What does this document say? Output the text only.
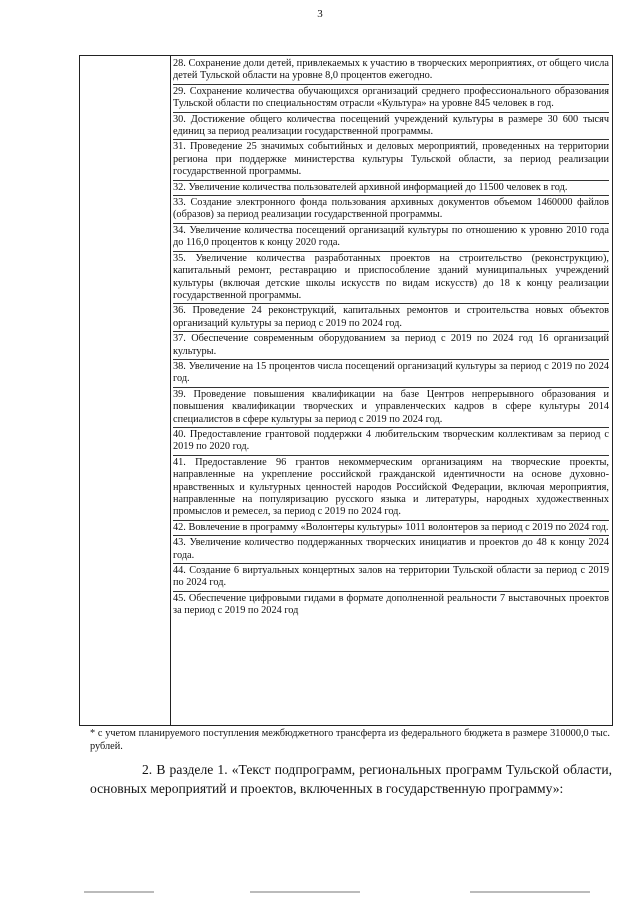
3

28. Сохранение доли детей, привлекаемых к участию в творческих мероприятиях, от общего числа детей Тульской области на уровне 8,0 процентов ежегодно.

29. Сохранение количества обучающихся организаций среднего профессионального образования Тульской области по специальностям отрасли «Культура» на уровне 845 человек в год.

30. Достижение общего количества посещений учреждений культуры в размере 30 600 тысяч единиц за период реализации государственной программы.

31. Проведение 25 значимых событийных и деловых мероприятий, проведенных на территории региона при поддержке министерства культуры Тульской области, за период реализации государственной программы.

32. Увеличение количества пользователей архивной информацией до 11500 человек в год.

33. Создание электронного фонда пользования архивных документов объемом 1460000 файлов (образов) за период реализации государственной программы.

34. Увеличение количества посещений организаций культуры по отношению к уровню 2010 года до 116,0 процентов к концу 2020 года.

35. Увеличение количества разработанных проектов на строительство (реконструкцию), капитальный ремонт, реставрацию и приспособление зданий муниципальных учреждений культуры (включая детские школы искусств по видам искусств) до 18 к концу реализации государственной программы.

36. Проведение 24 реконструкций, капитальных ремонтов и строительства новых объектов организаций культуры за период с 2019 по 2024 год.

37. Обеспечение современным оборудованием за период с 2019 по 2024 год 16 организаций культуры.

38. Увеличение на 15 процентов числа посещений организаций культуры за период с 2019 по 2024 год.

39. Проведение повышения квалификации на базе Центров непрерывного образования и повышения квалификации творческих и управленческих кадров в сфере культуры 2014 специалистов в сфере культуры за период с 2019 по 2024 год.

40. Предоставление грантовой поддержки 4 любительским творческим коллективам за период с 2019 по 2020 год.

41. Предоставление 96 грантов некоммерческим организациям на творческие проекты, направленные на укрепление российской гражданской идентичности на основе духовно-нравственных и культурных ценностей народов Российской Федерации, включая мероприятия, направленные на популяризацию русского языка и литературы, народных художественных промыслов и ремесел, за период с 2019 по 2024 год.

42. Вовлечение в программу «Волонтеры культуры» 1011 волонтеров за период с 2019 по 2024 год.

43. Увеличение количество поддержанных творческих инициатив и проектов до 48 к концу 2024 года.

44. Создание 6 виртуальных концертных залов на территории Тульской области за период с 2019 по 2024 год.

45. Обеспечение цифровыми гидами в формате дополненной реальности 7 выставочных проектов за период с 2019 по 2024 год

* с учетом планируемого поступления межбюджетного трансферта из федерального бюджета в размере 310000,0 тыс. рублей.
2. В разделе 1. «Текст подпрограмм, региональных программ Тульской области, основных мероприятий и проектов, включенных в государственную программу»:
